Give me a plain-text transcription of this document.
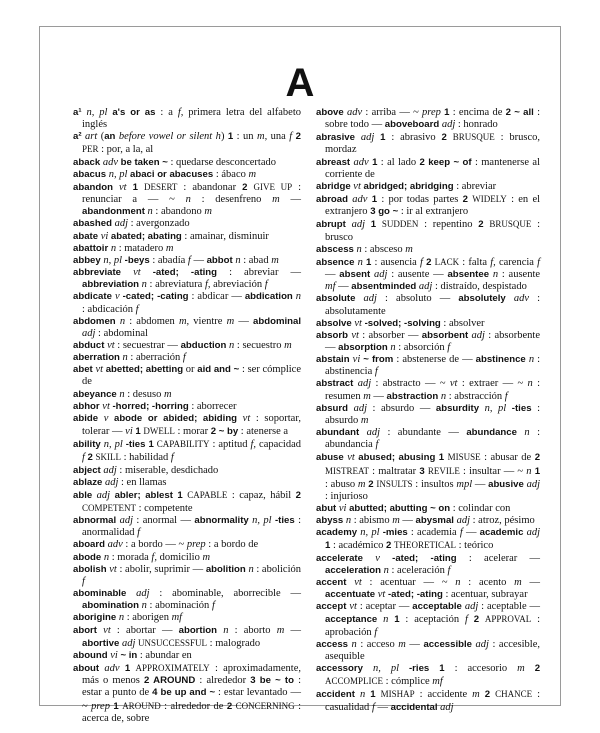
A

a¹ n, pl a's or as : a f, primera letra del alfabeto inglés

a² art (an before vowel or silent h) 1 : un m, una f 2 PER : por, a la, al

aback adv be taken ~ : quedarse desconcertado

abacus n, pl abaci or abacuses : ábaco m

abandon vt 1 DESERT : abandonar 2 GIVE UP : renunciar a — ~ n : desenfreno m — abandonment n : abandono m

abashed adj : avergonzado

abate vi abated; abating : amainar, disminuir

abattoir n : matadero m

abbey n, pl -beys : abadía f — abbot n : abad m

abbreviate vt -ated; -ating : abreviar — abbreviation n : abreviatura f, abreviación f

abdicate v -cated; -cating : abdicar — abdication n : abdicación f

abdomen n : abdomen m, vientre m — abdominal adj : abdominal

abduct vt : secuestrar — abduction n : secuestro m

aberration n : aberración f

abet vt abetted; abetting or aid and ~ : ser cómplice de

abeyance n : desuso m

abhor vt -horred; -horring : aborrecer

abide v abode or abided; abiding vt : soportar, tolerar — vi 1 DWELL : morar 2 ~ by : atenerse a

ability n, pl -ties 1 CAPABILITY : aptitud f, capacidad f 2 SKILL : habilidad f

abject adj : miserable, desdichado

ablaze adj : en llamas

able adj abler; ablest 1 CAPABLE : capaz, hábil 2 COMPETENT : competente

abnormal adj : anormal — abnormality n, pl -ties : anormalidad f

aboard adv : a bordo — ~ prep : a bordo de

abode n : morada f, domicilio m

abolish vt : abolir, suprimir — abolition n : abolición f

abominable adj : abominable, aborrecible — abomination n : abominación f

aborigine n : aborigen mf

abort vt : abortar — abortion n : aborto m — abortive adj UNSUCCESSFUL : malogrado

abound vi ~ in : abundar en

about adv 1 APPROXIMATELY : aproximadamente, más o menos 2 AROUND : alrededor 3 be ~ to : estar a punto de 4 be up and ~ : estar levantado — ~ prep 1 AROUND : alrededor de 2 CONCERNING : acerca de, sobre

above adv : arriba — ~ prep 1 : encima de 2 ~ all : sobre todo — aboveboard adj : honrado

abrasive adj 1 : abrasivo 2 BRUSQUE : brusco, mordaz

abreast adv 1 : al lado 2 keep ~ of : mantenerse al corriente de

abridge vt abridged; abridging : abreviar

abroad adv 1 : por todas partes 2 WIDELY : en el extranjero 3 go ~ : ir al extranjero

abrupt adj 1 SUDDEN : repentino 2 BRUSQUE : brusco

abscess n : absceso m

absence n 1 : ausencia f 2 LACK : falta f, carencia f — absent adj : ausente — absentee n : ausente mf — absentminded adj : distraído, despistado

absolute adj : absoluto — absolutely adv : absolutamente

absolve vt -solved; -solving : absolver

absorb vt : absorber — absorbent adj : absorbente — absorption n : absorción f

abstain vi ~ from : abstenerse de — abstinence n : abstinencia f

abstract adj : abstracto — ~ vt : extraer — ~ n : resumen m — abstraction n : abstracción f

absurd adj : absurdo — absurdity n, pl -ties : absurdo m

abundant adj : abundante — abundance n : abundancia f

abuse vt abused; abusing 1 MISUSE : abusar de 2 MISTREAT : maltratar 3 REVILE : insultar — ~ n 1 : abuso m 2 INSULTS : insultos mpl — abusive adj : injurioso

abut vi abutted; abutting ~ on : colindar con

abyss n : abismo m — abysmal adj : atroz, pésimo

academy n, pl -mies : academia f — academic adj 1 : académico 2 THEORETICAL : teórico

accelerate v -ated; -ating : acelerar — acceleration n : aceleración f

accent vt : acentuar — ~ n : acento m — accentuate vt -ated; -ating : acentuar, subrayar

accept vt : aceptar — acceptable adj : aceptable — acceptance n 1 : aceptación f 2 APPROVAL : aprobación f

access n : acceso m — accessible adj : accesible, asequible

accessory n, pl -ries 1 : accesorio m 2 ACCOMPLICE : cómplice mf

accident n 1 MISHAP : accidente m 2 CHANCE : casualidad f — accidental adj
